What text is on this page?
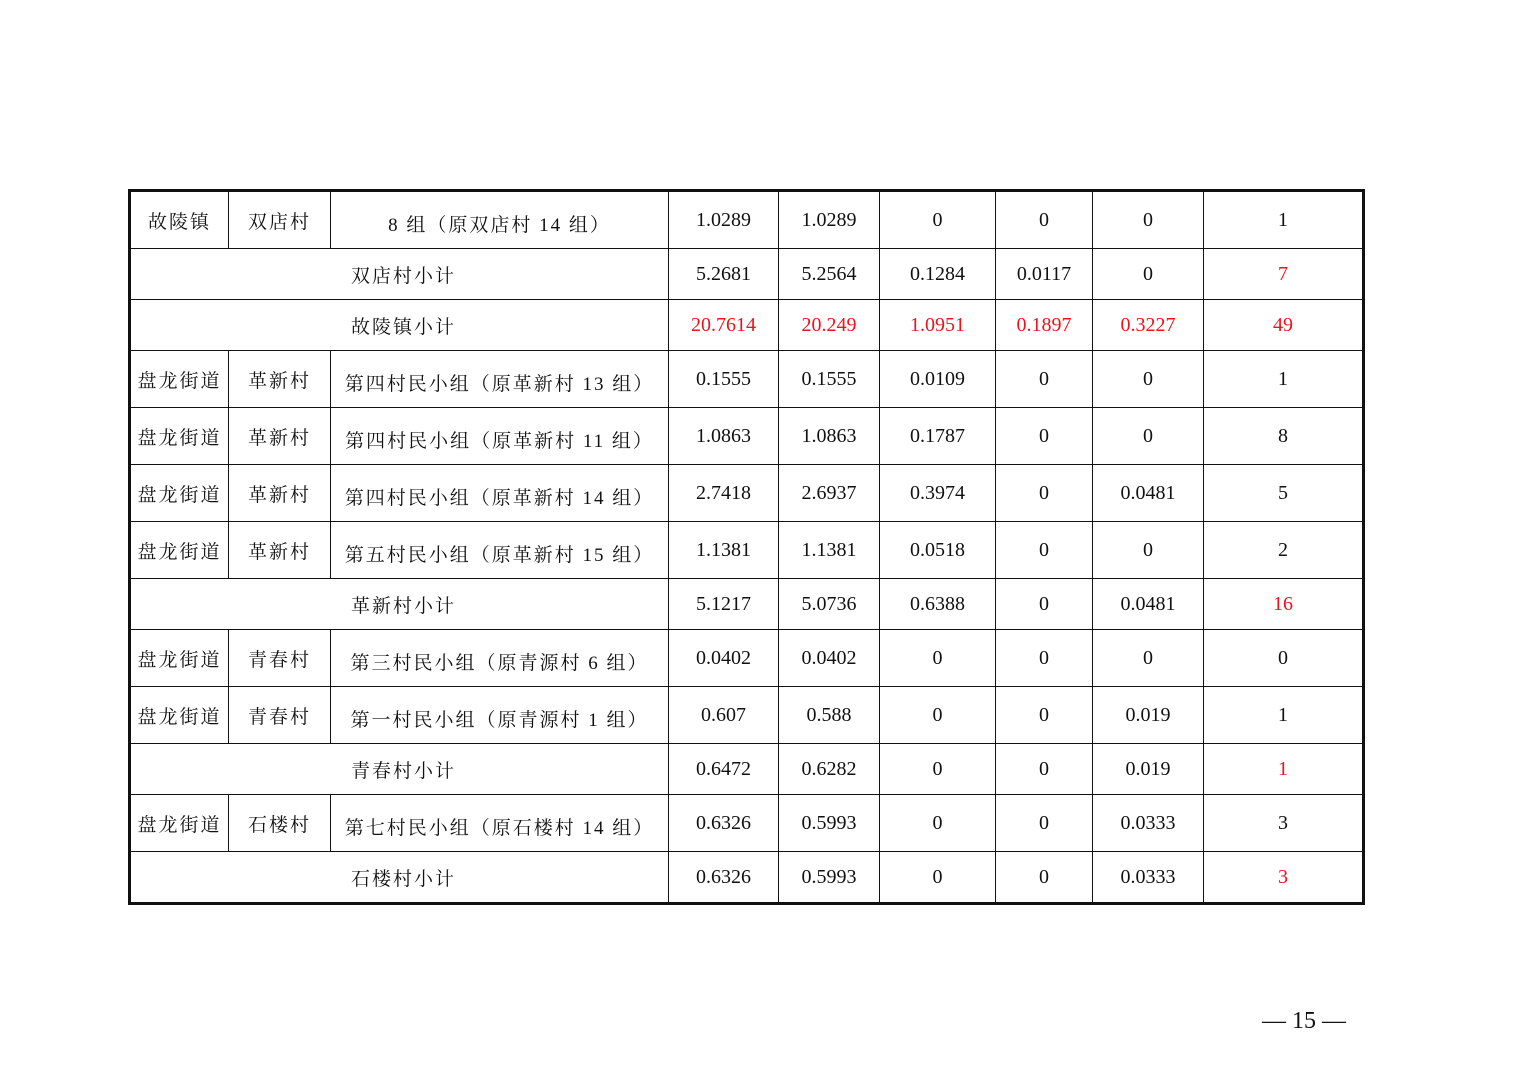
故陵镇	双店村	8 组（原双店村 14 组）	1.0289	1.0289	0	0	0	1
双店村小计			5.2681	5.2564	0.1284	0.0117	0	7
故陵镇小计			20.7614	20.249	1.0951	0.1897	0.3227	49
盘龙街道	革新村	第四村民小组（原革新村 13 组）	0.1555	0.1555	0.0109	0	0	1
盘龙街道	革新村	第四村民小组（原革新村 11 组）	1.0863	1.0863	0.1787	0	0	8
盘龙街道	革新村	第四村民小组（原革新村 14 组）	2.7418	2.6937	0.3974	0	0.0481	5
盘龙街道	革新村	第五村民小组（原革新村 15 组）	1.1381	1.1381	0.0518	0	0	2
革新村小计			5.1217	5.0736	0.6388	0	0.0481	16
盘龙街道	青春村	第三村民小组（原青源村 6 组）	0.0402	0.0402	0	0	0	0
盘龙街道	青春村	第一村民小组（原青源村 1 组）	0.607	0.588	0	0	0.019	1
青春村小计			0.6472	0.6282	0	0	0.019	1
盘龙街道	石楼村	第七村民小组（原石楼村 14 组）	0.6326	0.5993	0	0	0.0333	3
石楼村小计			0.6326	0.5993	0	0	0.0333	3
— 15 —
